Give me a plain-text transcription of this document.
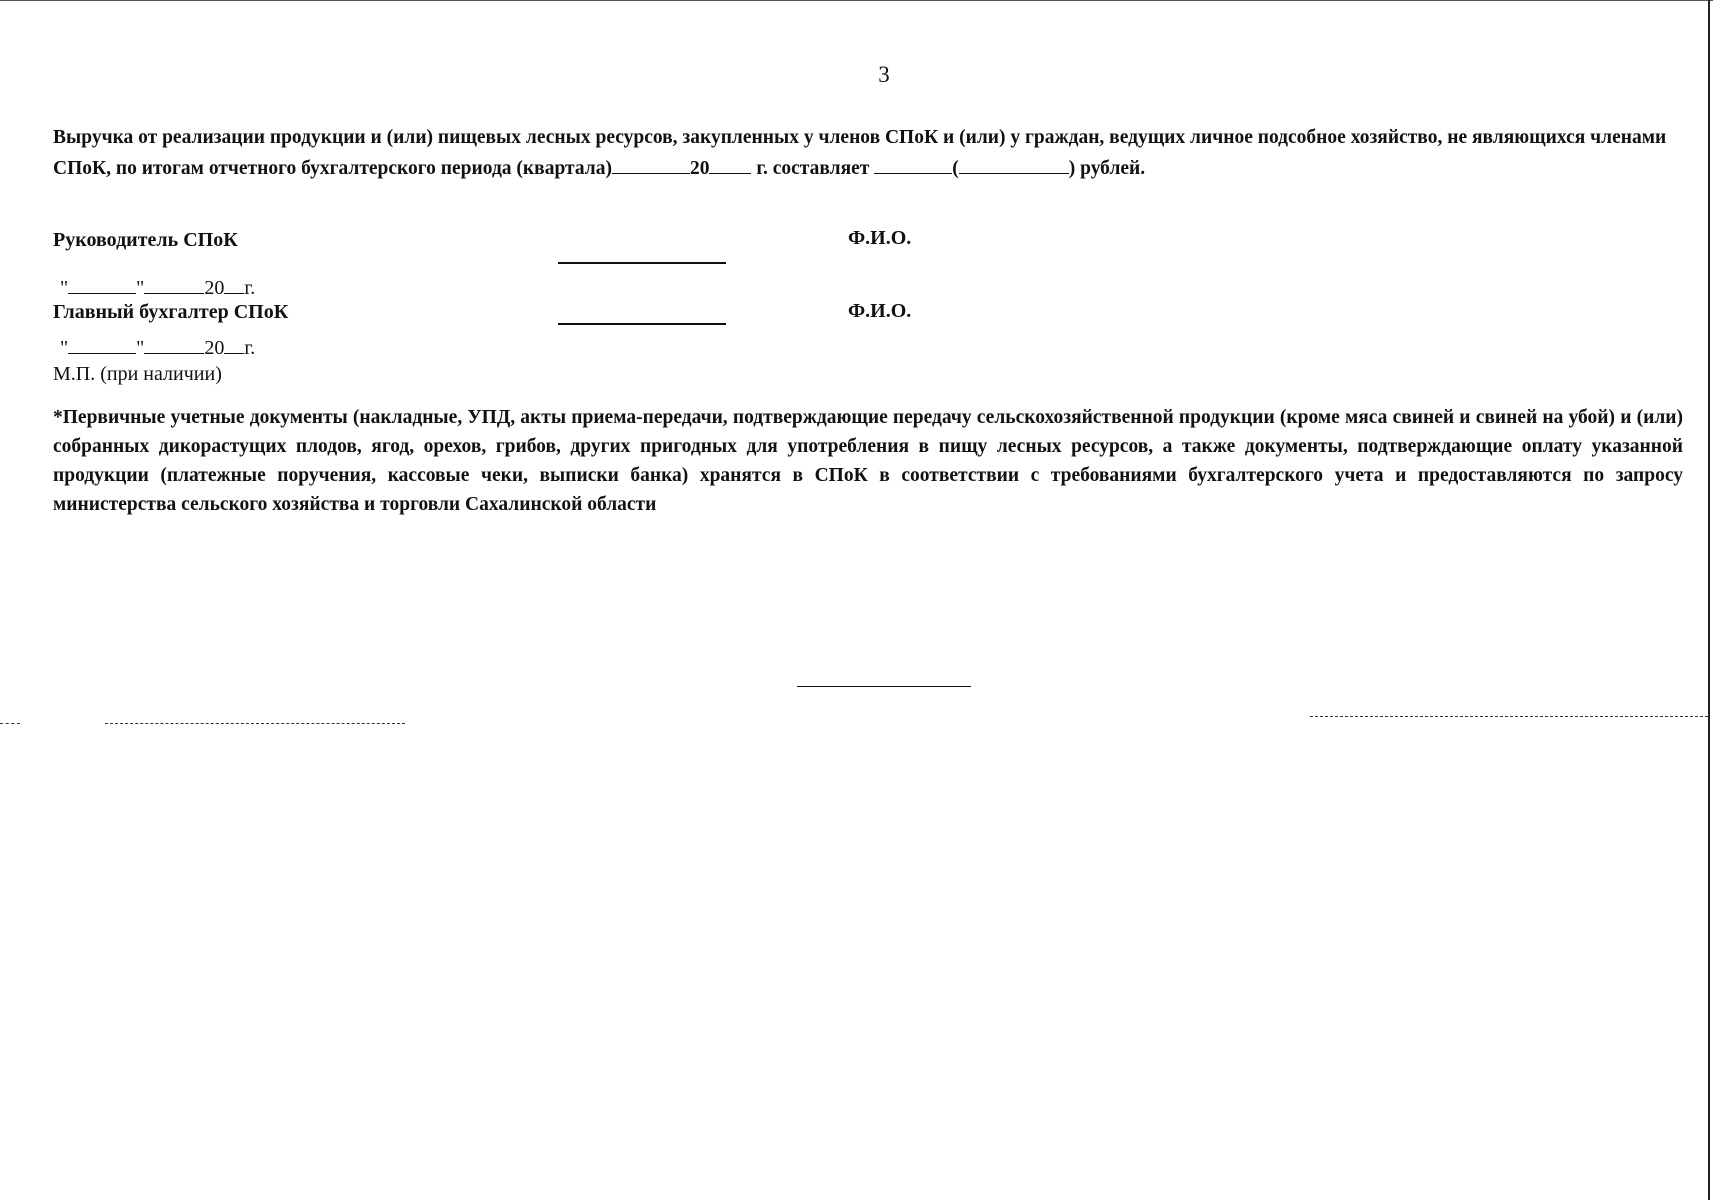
3
Выручка от реализации продукции и (или) пищевых лесных ресурсов, закупленных у членов СПоК и (или) у граждан, ведущих личное подсобное хозяйство, не являющихся членами СПоК, по итогам отчетного бухгалтерского периода (квартала)	20 г. составляет	(	) рублей.
Руководитель СПоК	Ф.И.О.
"	"	20 г.
Главный бухгалтер СПоК	Ф.И.О.
"	"	20 г.
М.П. (при наличии)
*Первичные учетные документы (накладные, УПД, акты приема-передачи, подтверждающие передачу сельскохозяйственной продукции (кроме мяса свиней и свиней на убой) и (или) собранных дикорастущих плодов, ягод, орехов, грибов, других пригодных для употребления в пищу лесных ресурсов, а также документы, подтверждающие оплату указанной продукции (платежные поручения, кассовые чеки, выписки банка) хранятся в СПоК в соответствии с требованиями бухгалтерского учета и предоставляются по запросу министерства сельского хозяйства и торговли Сахалинской области
